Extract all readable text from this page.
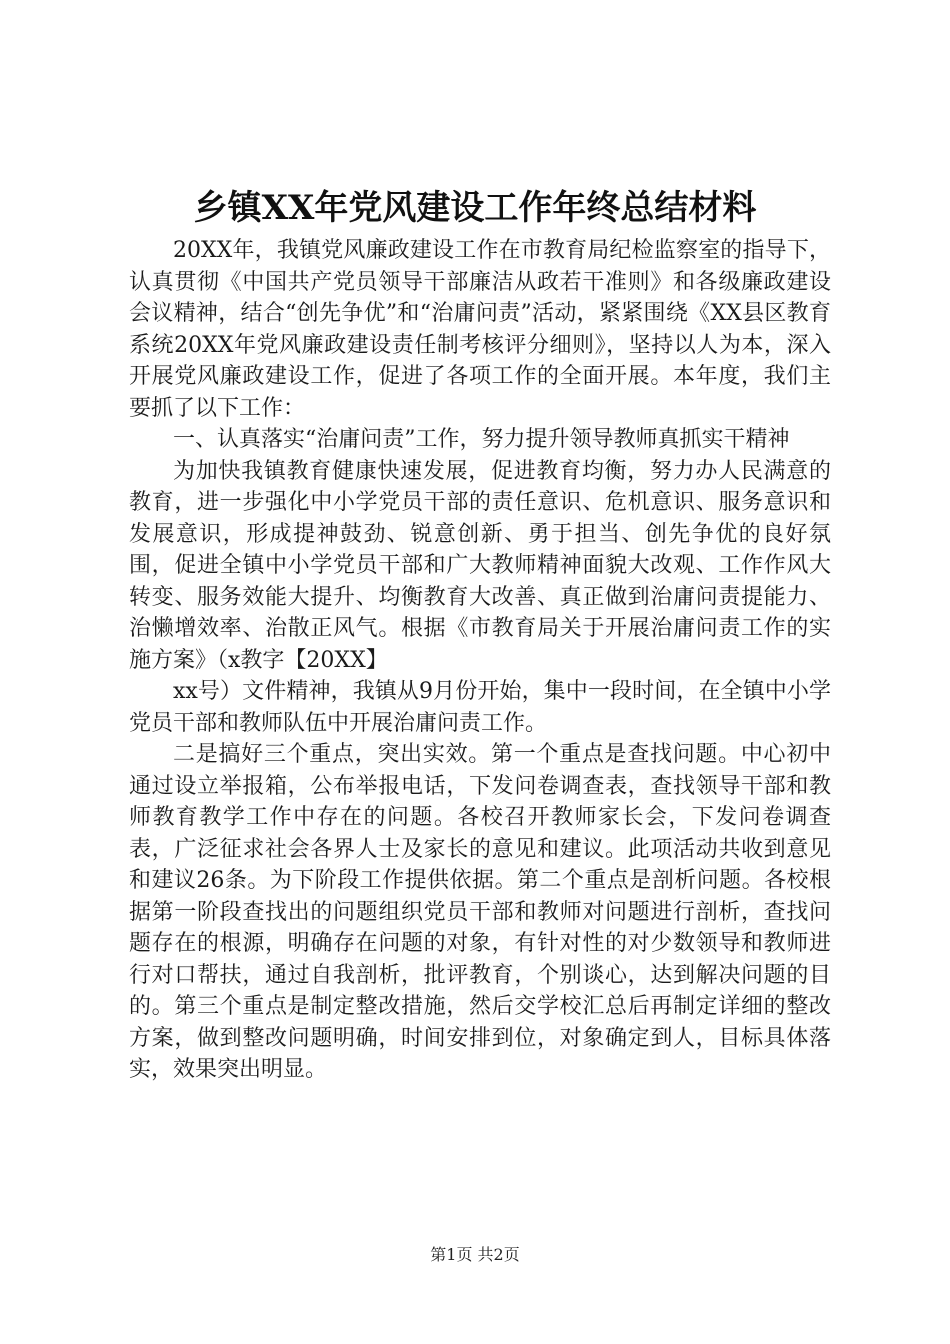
乡镇XX年党风建设工作年终总结材料

20XX年，我镇党风廉政建设工作在市教育局纪检监察室的指导下，认真贯彻《中国共产党员领导干部廉洁从政若干准则》和各级廉政建设会议精神，结合“创先争优”和“治庸问责”活动，紧紧围绕《XX县区教育系统20XX年党风廉政建设责任制考核评分细则》，坚持以人为本，深入开展党风廉政建设工作，促进了各项工作的全面开展。本年度，我们主要抓了以下工作：

一、认真落实“治庸问责”工作，努力提升领导教师真抓实干精神

为加快我镇教育健康快速发展，促进教育均衡，努力办人民满意的教育，进一步强化中小学党员干部的责任意识、危机意识、服务意识和发展意识，形成提神鼓劲、锐意创新、勇于担当、创先争优的良好氛围，促进全镇中小学党员干部和广大教师精神面貌大改观、工作作风大转变、服务效能大提升、均衡教育大改善、真正做到治庸问责提能力、治懒增效率、治散正风气。根据《市教育局关于开展治庸问责工作的实施方案》（x教字【20XX】

xx号）文件精神，我镇从9月份开始，集中一段时间，在全镇中小学党员干部和教师队伍中开展治庸问责工作。

二是搞好三个重点，突出实效。第一个重点是查找问题。中心初中通过设立举报箱，公布举报电话，下发问卷调查表，查找领导干部和教师教育教学工作中存在的问题。各校召开教师家长会，下发问卷调查表，广泛征求社会各界人士及家长的意见和建议。此项活动共收到意见和建议26条。为下阶段工作提供依据。第二个重点是剖析问题。各校根据第一阶段查找出的问题组织党员干部和教师对问题进行剖析，查找问题存在的根源，明确存在问题的对象，有针对性的对少数领导和教师进行对口帮扶，通过自我剖析，批评教育，个别谈心，达到解决问题的目的。第三个重点是制定整改措施，然后交学校汇总后再制定详细的整改方案，做到整改问题明确，时间安排到位，对象确定到人，目标具体落实，效果突出明显。

第1页 共2页
